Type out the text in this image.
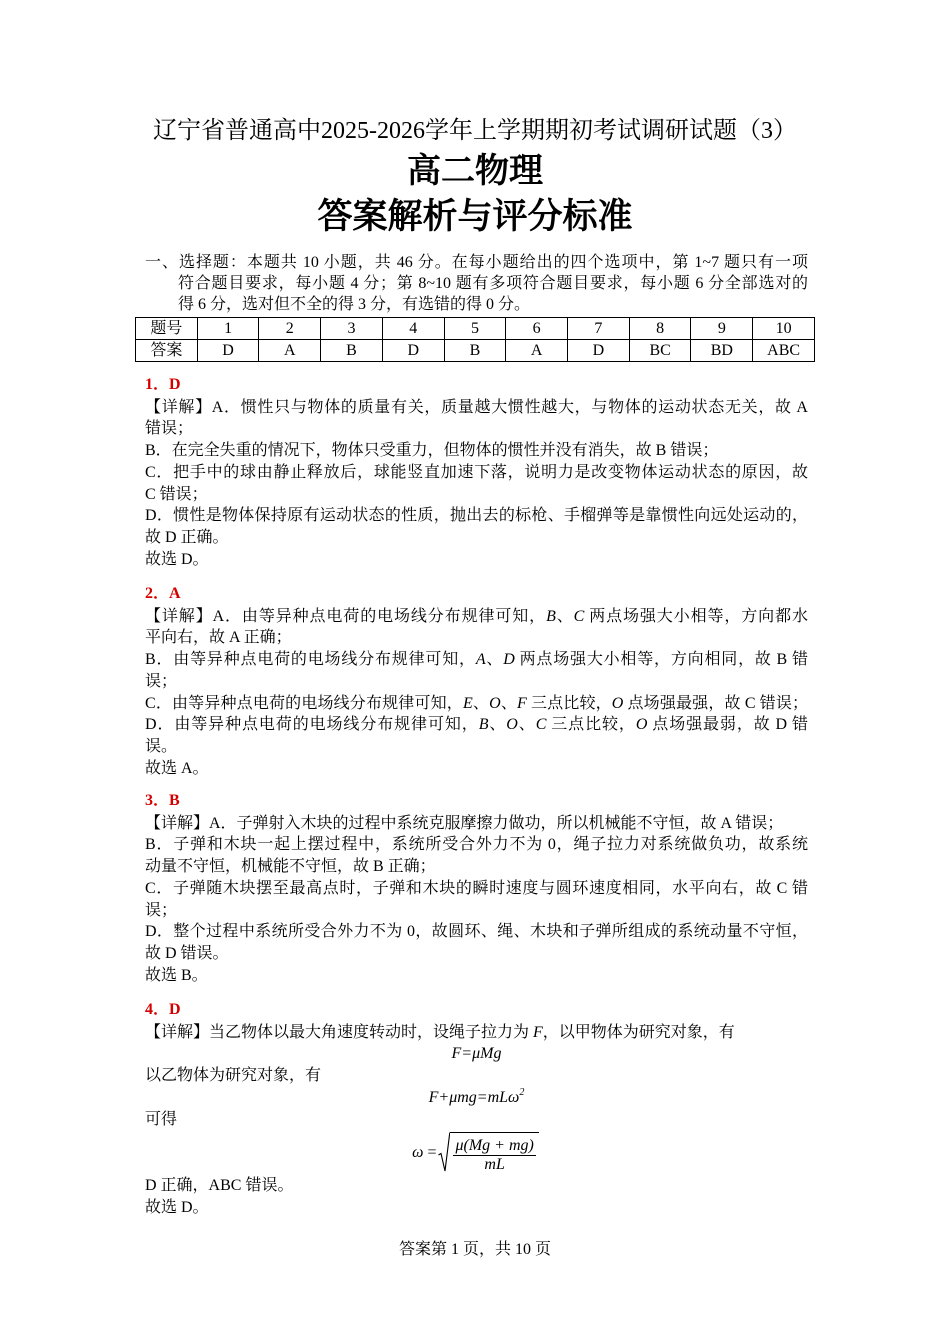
辽宁省普通高中2025-2026学年上学期期初考试调研试题（3）
高二物理
答案解析与评分标准
一、选择题：本题共 10 小题，共 46 分。在每小题给出的四个选项中，第 1~7 题只有一项
符合题目要求，每小题 4 分；第 8~10 题有多项符合题目要求，每小题 6 分全部选对的
得 6 分，选对但不全的得 3 分，有选错的得 0 分。
题号	1	2	3	4	5	6	7	8	9	10
答案	D	A	B	D	B	A	D	BC	BD	ABC
1．D
【详解】A．惯性只与物体的质量有关，质量越大惯性越大，与物体的运动状态无关，故 A
错误；
B．在完全失重的情况下，物体只受重力，但物体的惯性并没有消失，故 B 错误；
C．把手中的球由静止释放后，球能竖直加速下落，说明力是改变物体运动状态的原因，故
C 错误；
D．惯性是物体保持原有运动状态的性质，抛出去的标枪、手榴弹等是靠惯性向远处运动的，
故 D 正确。
故选 D。
2．A
【详解】A．由等异种点电荷的电场线分布规律可知，B、C 两点场强大小相等，方向都水
平向右，故 A 正确；
B．由等异种点电荷的电场线分布规律可知，A、D 两点场强大小相等，方向相同，故 B 错
误；
C．由等异种点电荷的电场线分布规律可知，E、O、F 三点比较，O 点场强最强，故 C 错误；
D．由等异种点电荷的电场线分布规律可知，B、O、C 三点比较，O 点场强最弱，故 D 错
误。
故选 A。
3．B
【详解】A．子弹射入木块的过程中系统克服摩擦力做功，所以机械能不守恒，故 A 错误；
B．子弹和木块一起上摆过程中，系统所受合外力不为 0，绳子拉力对系统做负功，故系统
动量不守恒，机械能不守恒，故 B 正确；
C．子弹随木块摆至最高点时，子弹和木块的瞬时速度与圆环速度相同，水平向右，故 C 错
误；
D．整个过程中系统所受合外力不为 0，故圆环、绳、木块和子弹所组成的系统动量不守恒，
故 D 错误。
故选 B。
4．D
【详解】当乙物体以最大角速度转动时，设绳子拉力为 F，以甲物体为研究对象，有
F=μMg
以乙物体为研究对象，有
F+μmg=mLω$^2$
可得
$\omega = \frac{\mu(Mg + mg)}{mL}$
D 正确，ABC 错误。
故选 D。
答案第 1 页，共 10 页
